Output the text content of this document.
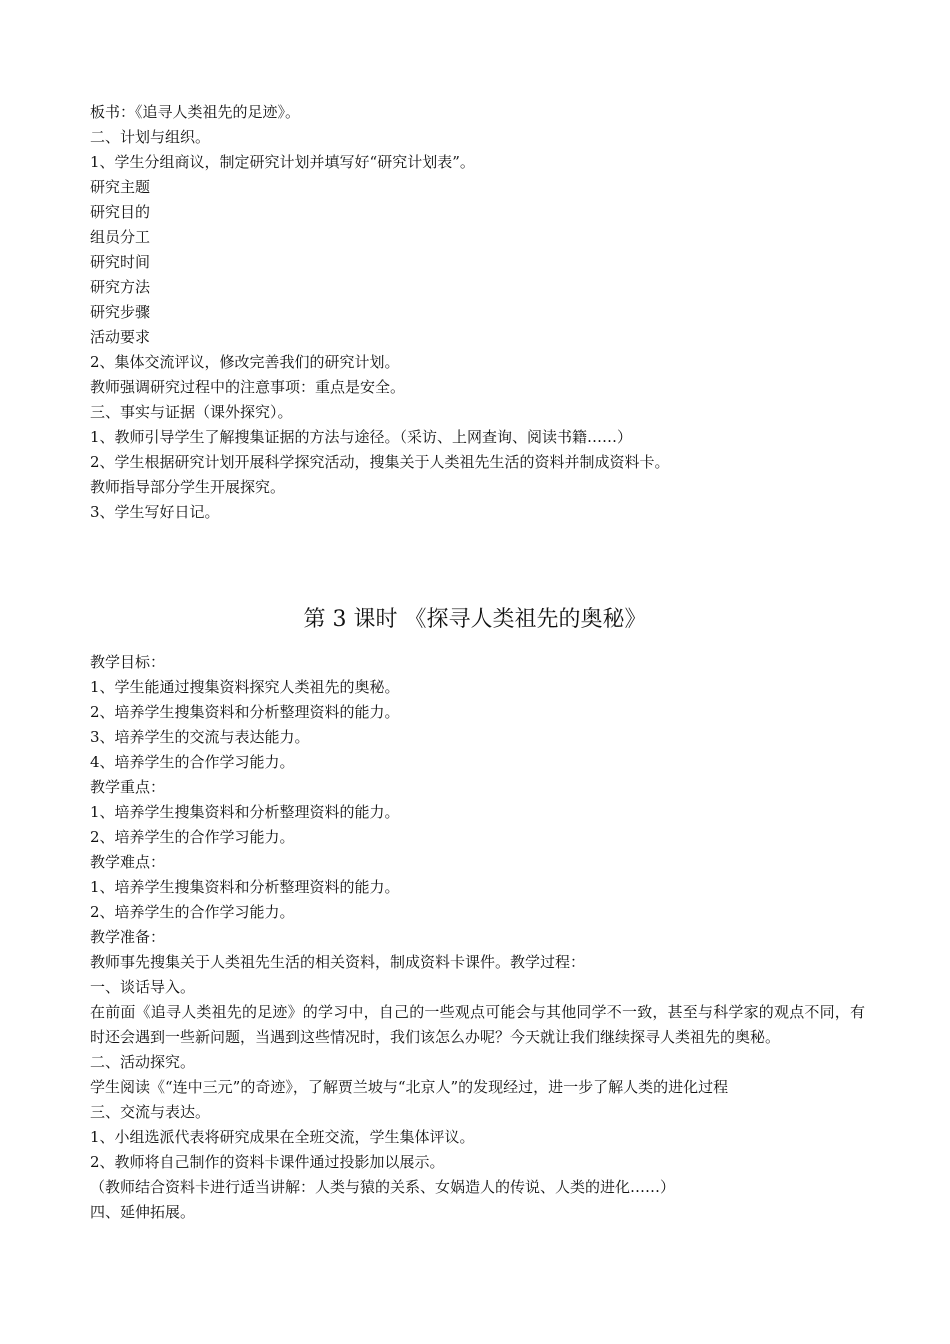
板书：《追寻人类祖先的足迹》。
二、计划与组织。
1、学生分组商议，制定研究计划并填写好“研究计划表”。
研究主题
研究目的
组员分工
研究时间
研究方法
研究步骤
活动要求
2、集体交流评议，修改完善我们的研究计划。
教师强调研究过程中的注意事项：重点是安全。
三、事实与证据（课外探究）。
1、教师引导学生了解搜集证据的方法与途径。（采访、上网查询、阅读书籍……）
2、学生根据研究计划开展科学探究活动，搜集关于人类祖先生活的资料并制成资料卡。
教师指导部分学生开展探究。
3、学生写好日记。
第 3 课时 《探寻人类祖先的奥秘》
教学目标：
1、学生能通过搜集资料探究人类祖先的奥秘。
2、培养学生搜集资料和分析整理资料的能力。
3、培养学生的交流与表达能力。
4、培养学生的合作学习能力。
教学重点：
1、培养学生搜集资料和分析整理资料的能力。
2、培养学生的合作学习能力。
教学难点：
1、培养学生搜集资料和分析整理资料的能力。
2、培养学生的合作学习能力。
教学准备：
教师事先搜集关于人类祖先生活的相关资料，制成资料卡课件。教学过程：
一、谈话导入。
在前面《追寻人类祖先的足迹》的学习中，自己的一些观点可能会与其他同学不一致，甚至与科学家的观点不同，有时还会遇到一些新问题，当遇到这些情况时，我们该怎么办呢？今天就让我们继续探寻人类祖先的奥秘。
二、活动探究。
学生阅读《“连中三元”的奇迹》，了解贾兰坡与“北京人”的发现经过，进一步了解人类的进化过程
三、交流与表达。
1、小组选派代表将研究成果在全班交流，学生集体评议。
2、教师将自己制作的资料卡课件通过投影加以展示。
（教师结合资料卡进行适当讲解：人类与猿的关系、女娲造人的传说、人类的进化……）
四、延伸拓展。
